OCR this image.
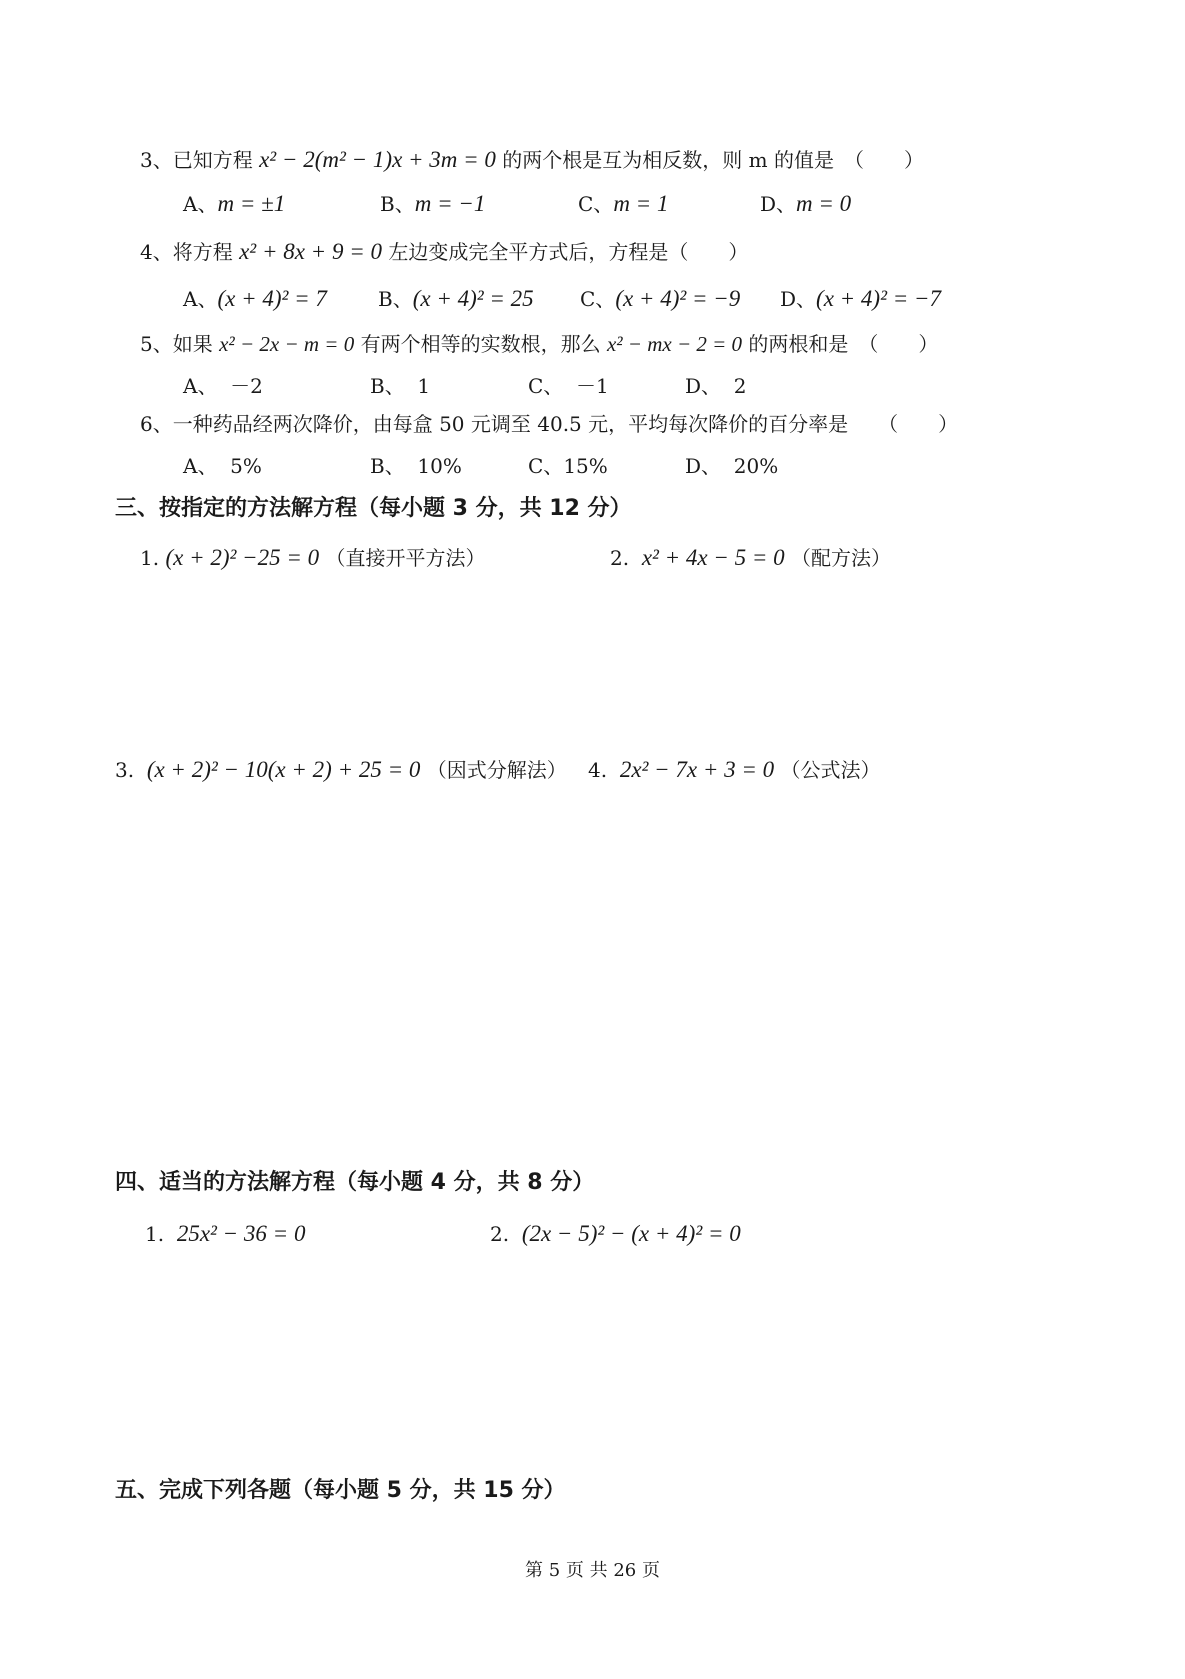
3、已知方程 x² − 2(m² − 1)x + 3m = 0 的两个根是互为相反数，则 m 的值是　（　　）
A、m = ±1	B、m = −1	C、m = 1	D、m = 0
4、将方程 x² + 8x + 9 = 0 左边变成完全平方式后，方程是（　　）
A、(x + 4)² = 7	B、(x + 4)² = 25 C、(x + 4)² = −9 D、(x + 4)² = −7
5、如果 x² − 2x − m = 0 有两个相等的实数根，那么 x² − mx − 2 = 0 的两根和是　（　　）
A、 －2	B、 1	C、 －1	D、 2
6、一种药品经两次降价，由每盒 50 元调至 40.5 元，平均每次降价的百分率是　　（　　）
A、 5%	B、 10%	C、15%	D、 20%
三、按指定的方法解方程（每小题 3 分，共 12 分）
1. (x + 2)² −25 = 0 （直接开平方法）	2. x² + 4x − 5 = 0 （配方法）
3. (x + 2)² − 10(x + 2) + 25 = 0 （因式分解法） 4. 2x² − 7x + 3 = 0 （公式法）
四、适当的方法解方程（每小题 4 分，共 8 分）
1. 25x² − 36 = 0	2. (2x − 5)² − (x + 4)² = 0
五、完成下列各题（每小题 5 分，共 15 分）
第 5 页 共 26 页
